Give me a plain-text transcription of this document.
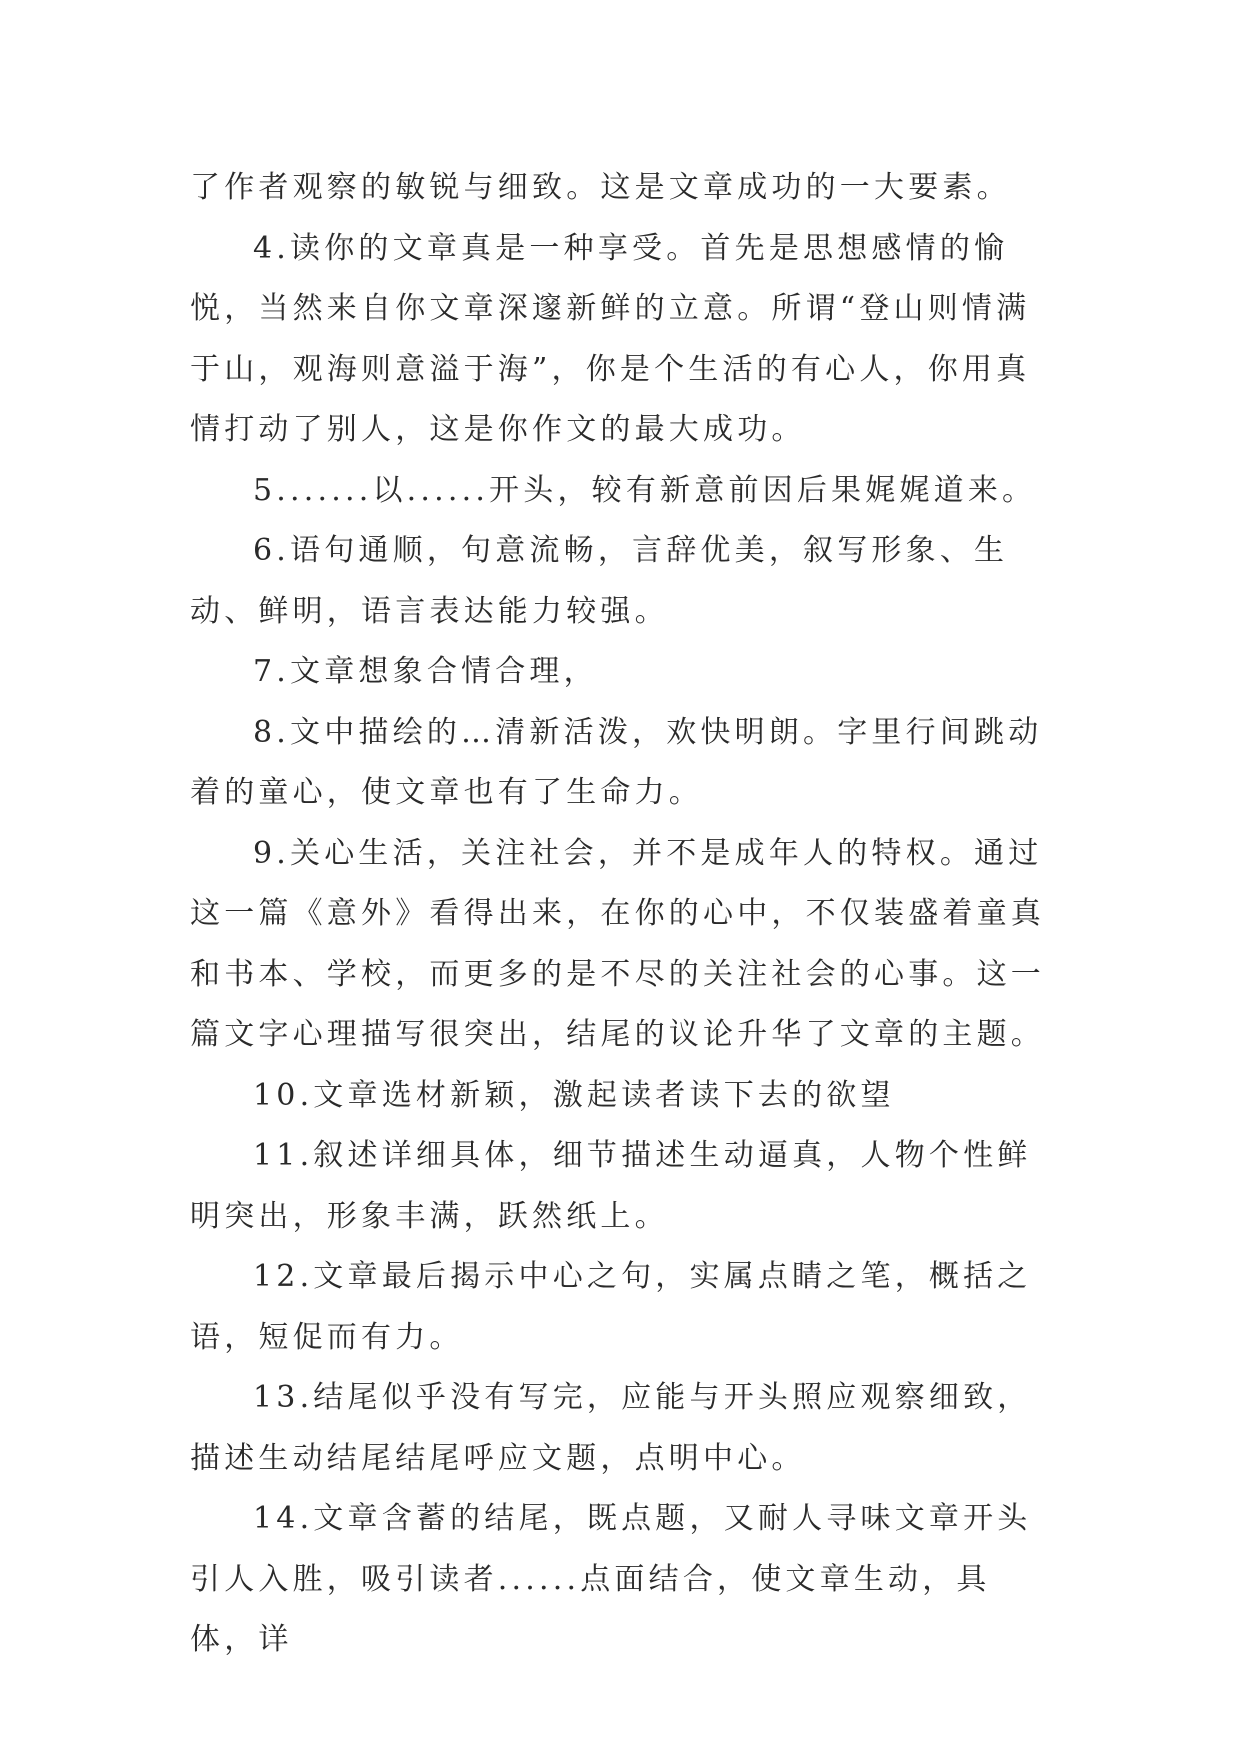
了作者观察的敏锐与细致。这是文章成功的一大要素。

4.读你的文章真是一种享受。首先是思想感情的愉悦，当然来自你文章深邃新鲜的立意。所谓“登山则情满于山，观海则意溢于海”，你是个生活的有心人，你用真情打动了别人，这是你作文的最大成功。

5.......以......开头，较有新意前因后果娓娓道来。

6.语句通顺，句意流畅，言辞优美，叙写形象、生动、鲜明，语言表达能力较强。

7.文章想象合情合理，

8.文中描绘的…清新活泼，欢快明朗。字里行间跳动着的童心，使文章也有了生命力。

9.关心生活，关注社会，并不是成年人的特权。通过这一篇《意外》看得出来，在你的心中，不仅装盛着童真和书本、学校，而更多的是不尽的关注社会的心事。这一篇文字心理描写很突出，结尾的议论升华了文章的主题。

10.文章选材新颖，激起读者读下去的欲望

11.叙述详细具体，细节描述生动逼真，人物个性鲜明突出，形象丰满，跃然纸上。

12.文章最后揭示中心之句，实属点睛之笔，概括之语，短促而有力。

13.结尾似乎没有写完，应能与开头照应观察细致，描述生动结尾结尾呼应文题，点明中心。

14.文章含蓄的结尾，既点题，又耐人寻味文章开头引人入胜，吸引读者......点面结合，使文章生动，具体，详
